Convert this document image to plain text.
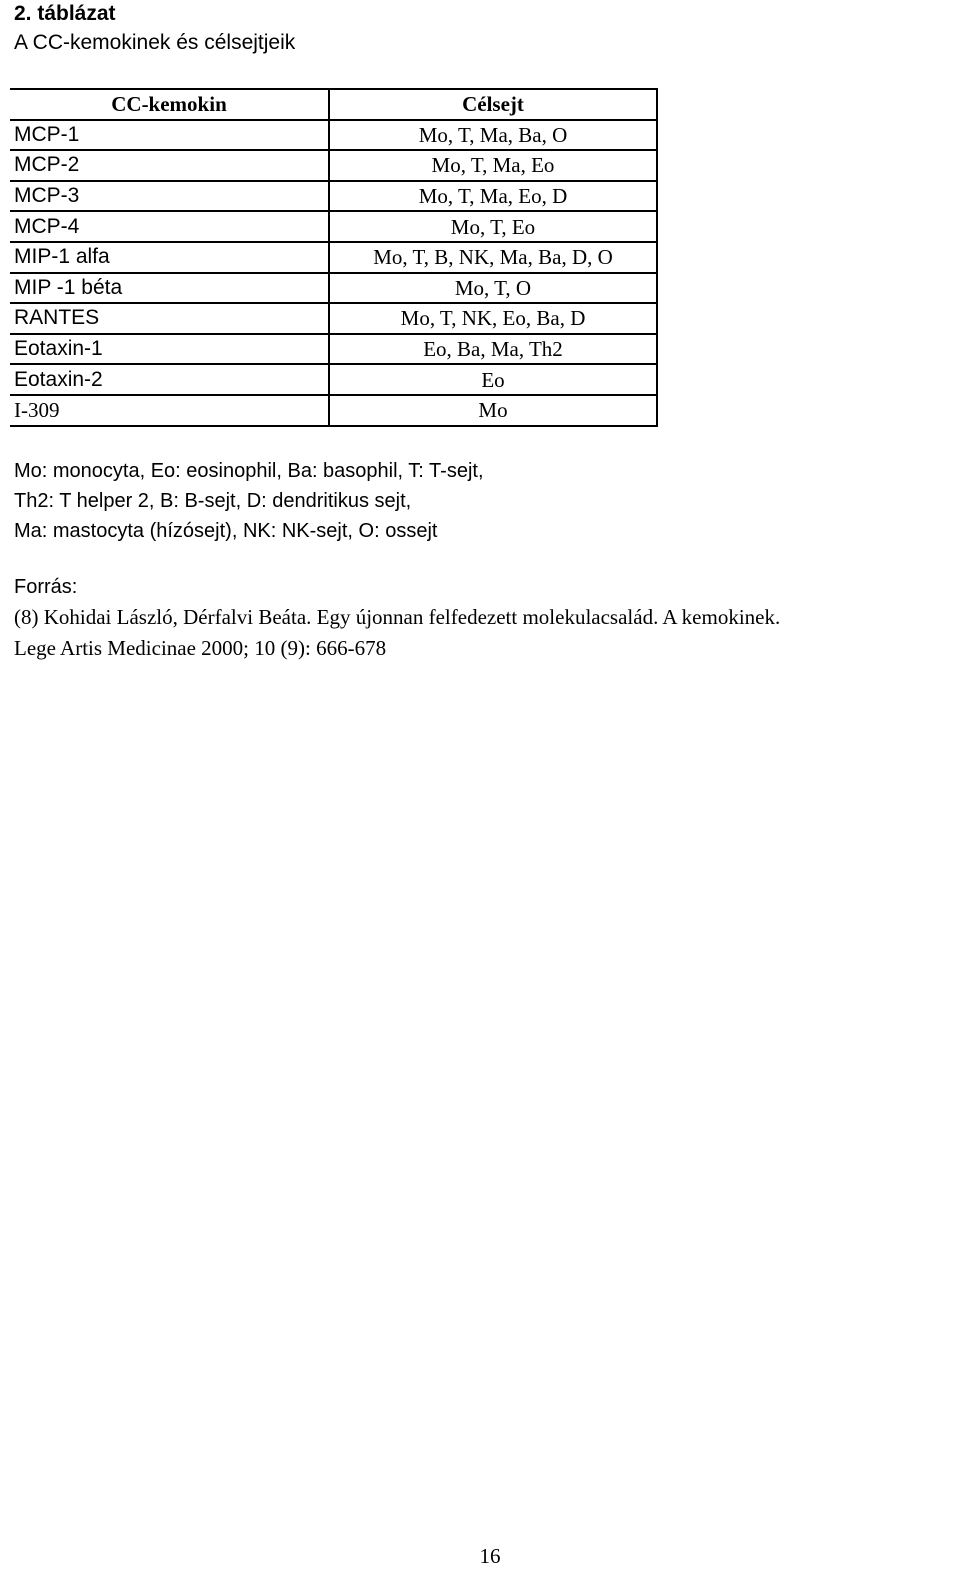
2. táblázat
A CC-kemokinek és célsejtjeik
CC-kemokin	Célsejt
MCP-1	Mo, T, Ma, Ba, O
MCP-2	Mo, T, Ma, Eo
MCP-3	Mo, T, Ma, Eo, D
MCP-4	Mo, T, Eo
MIP-1 alfa	Mo, T, B, NK, Ma, Ba, D, O
MIP -1 béta	Mo, T, O
RANTES	Mo, T, NK, Eo, Ba, D
Eotaxin-1	Eo, Ba, Ma, Th2
Eotaxin-2	Eo
I-309	Mo
Mo: monocyta, Eo: eosinophil, Ba: basophil, T: T-sejt,
Th2: T helper 2, B: B-sejt, D: dendritikus sejt,
Ma: mastocyta (hízósejt), NK: NK-sejt, O: ossejt
Forrás:
(8) Kohidai László, Dérfalvi Beáta. Egy újonnan felfedezett molekulacsalád. A kemokinek.
Lege Artis Medicinae 2000; 10 (9): 666-678
16
